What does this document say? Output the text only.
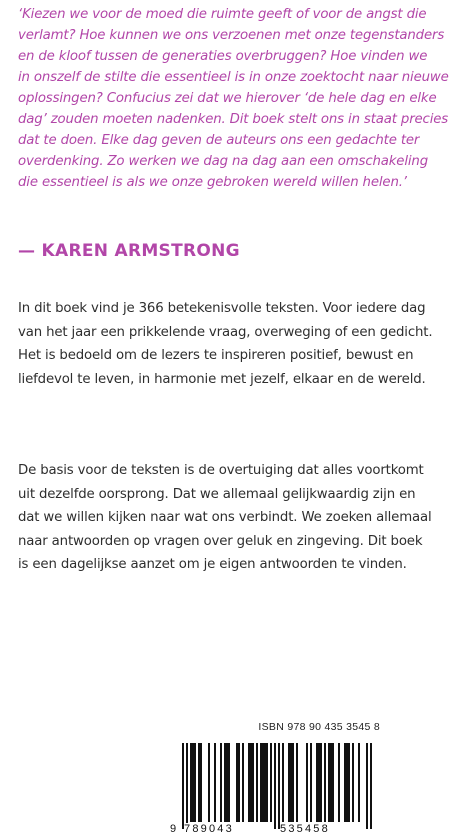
‘Kiezen we voor de moed die ruimte geeft of voor de angst die
verlamt? Hoe kunnen we ons verzoenen met onze tegenstanders
en de kloof tussen de generaties overbruggen? Hoe vinden we
in onszelf de stilte die essentieel is in onze zoektocht naar nieuwe
oplossingen? Confucius zei dat we hierover ‘de hele dag en elke
dag’ zouden moeten nadenken. Dit boek stelt ons in staat precies
dat te doen. Elke dag geven de auteurs ons een gedachte ter
overdenking. Zo werken we dag na dag aan een omschakeling
die essentieel is als we onze gebroken wereld willen helen.’
— KAREN ARMSTRONG
In dit boek vind je 366 betekenisvolle teksten. Voor iedere dag
van het jaar een prikkelende vraag, overweging of een gedicht.
Het is bedoeld om de lezers te inspireren positief, bewust en
liefdevol te leven, in harmonie met jezelf, elkaar en de wereld.
De basis voor de teksten is de overtuiging dat alles voortkomt
uit dezelfde oorsprong. Dat we allemaal gelijkwaardig zijn en
dat we willen kijken naar wat ons verbindt. We zoeken allemaal
naar antwoorden op vragen over geluk en zingeving. Dit boek
is een dagelijkse aanzet om je eigen antwoorden te vinden.
ISBN 978 90 435 3545 8
9 789043	535458
